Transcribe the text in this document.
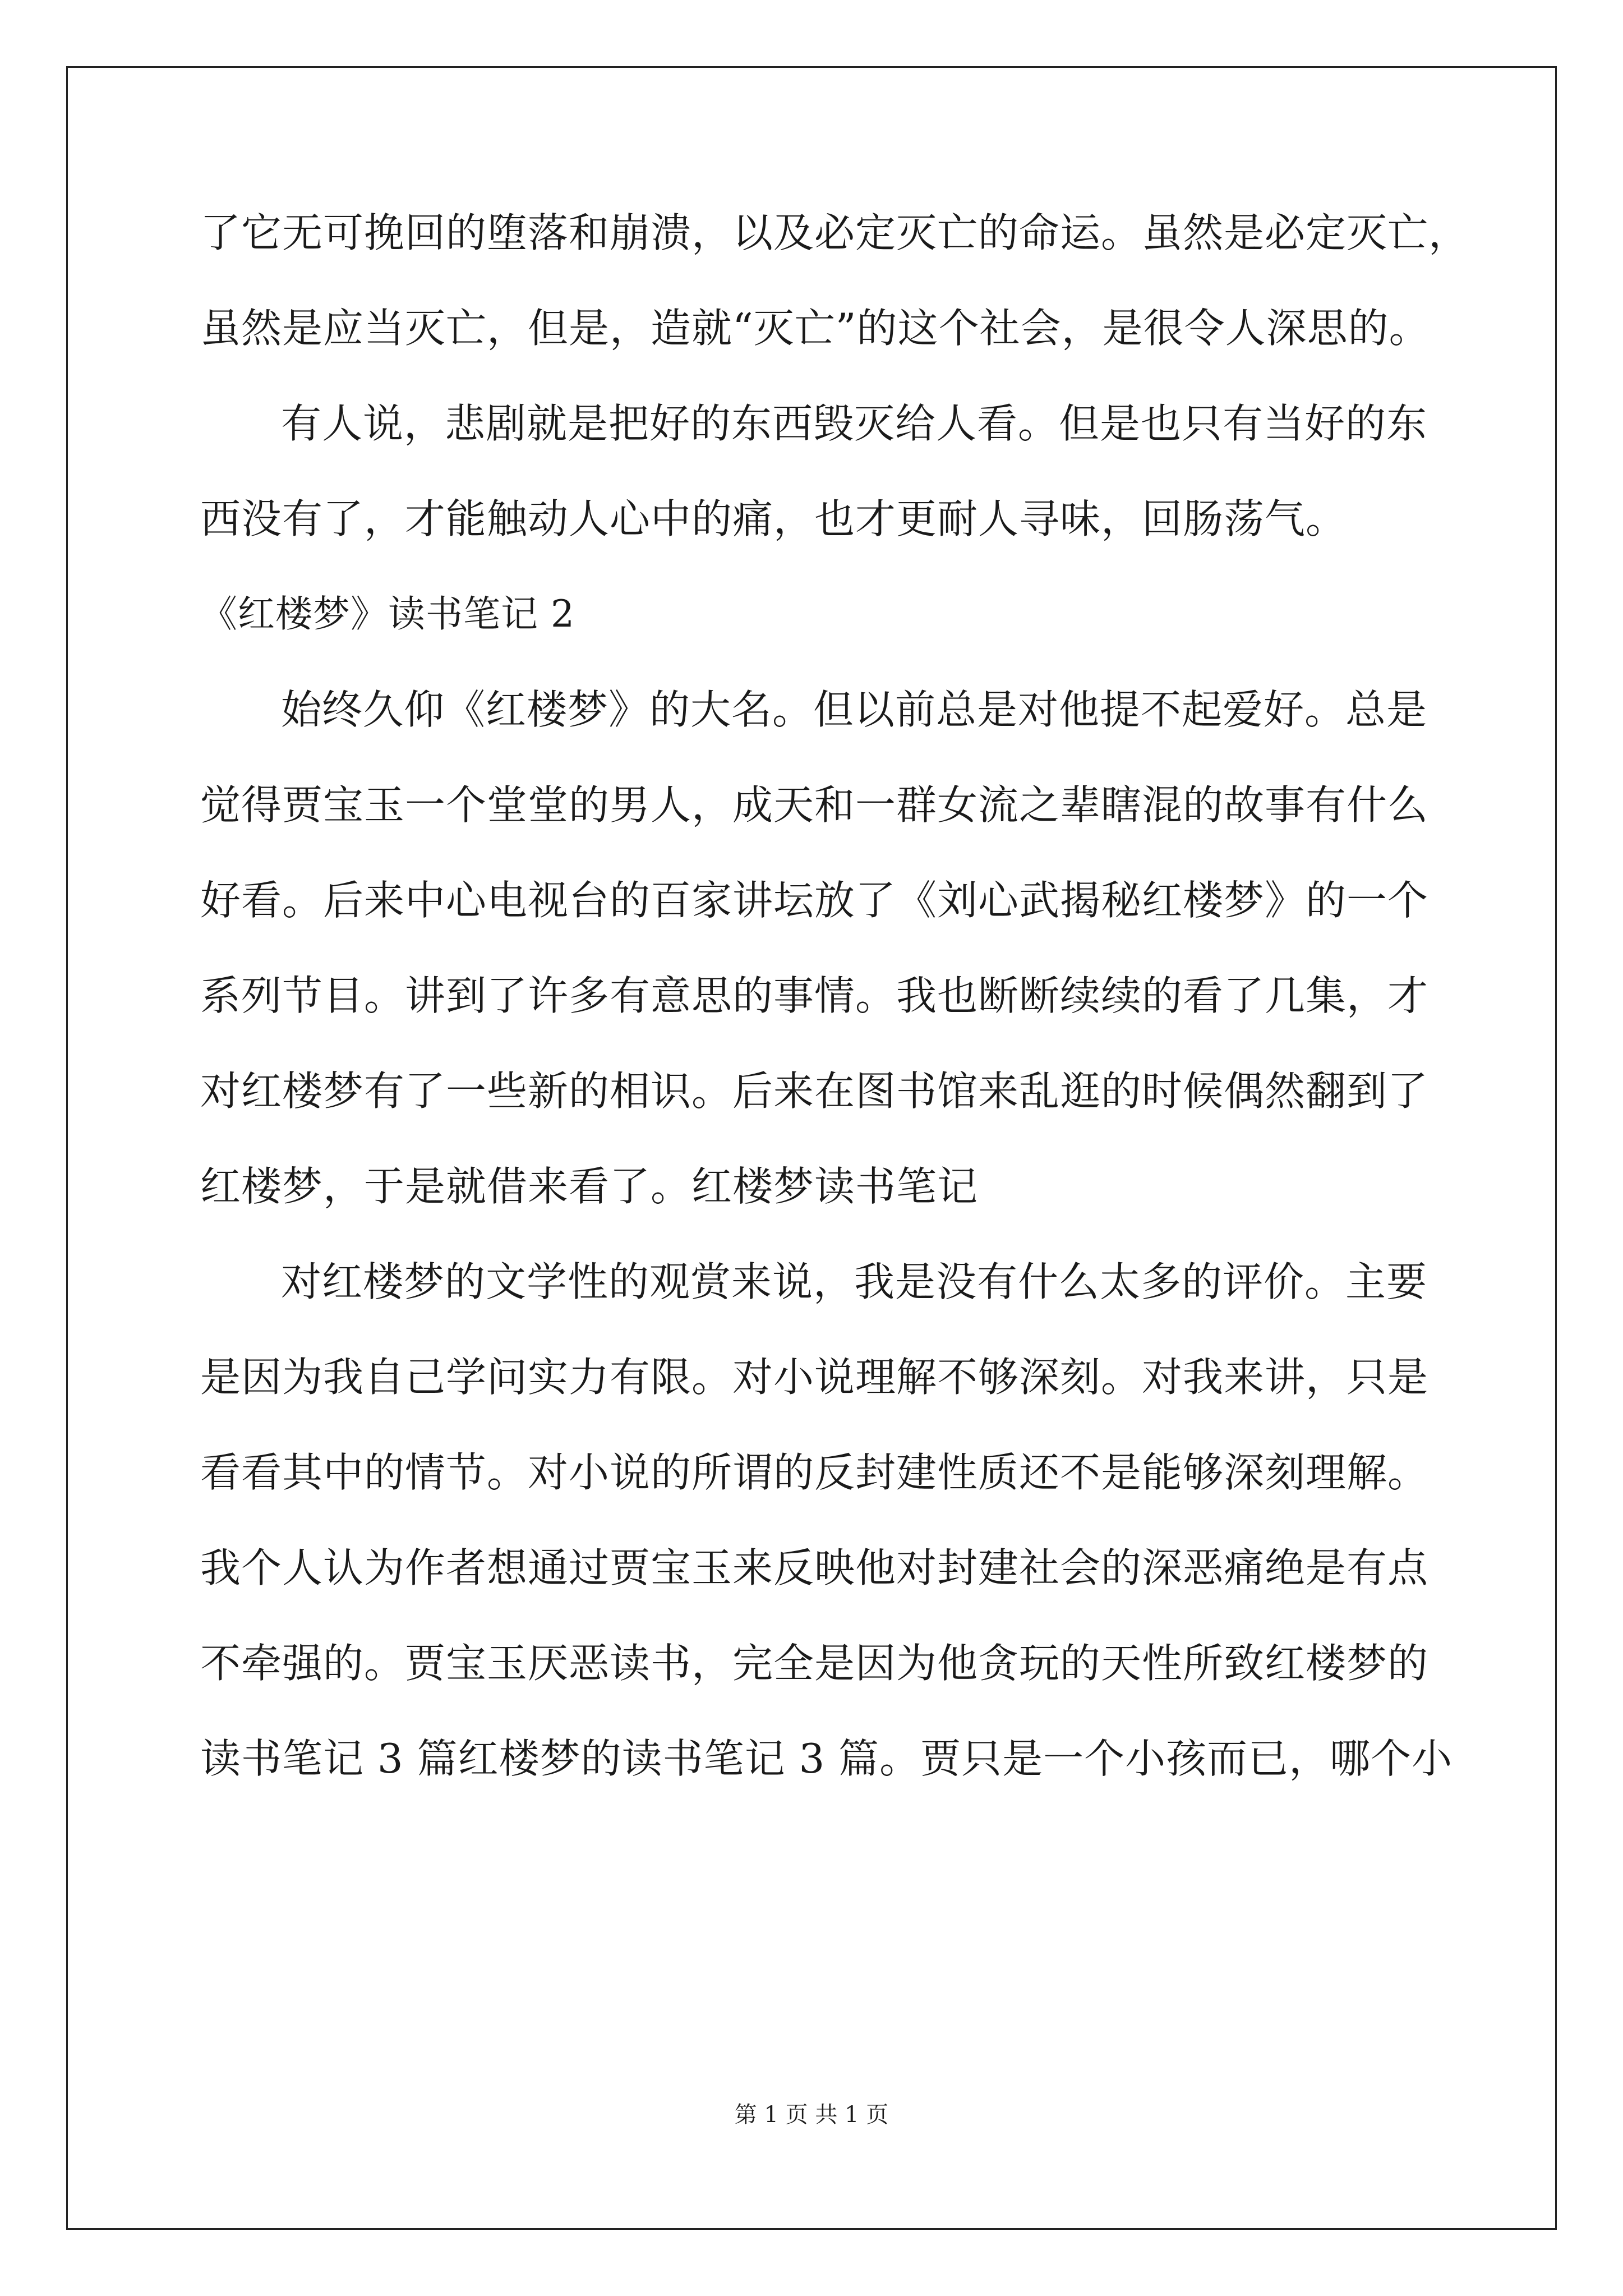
了它无可挽回的堕落和崩溃，以及必定灭亡的命运。虽然是必定灭亡，
虽然是应当灭亡，但是，造就“灭亡”的这个社会，是很令人深思的。
有人说，悲剧就是把好的东西毁灭给人看。但是也只有当好的东
西没有了，才能触动人心中的痛，也才更耐人寻味，回肠荡气。
《红楼梦》读书笔记 2
始终久仰《红楼梦》的大名。但以前总是对他提不起爱好。总是
觉得贾宝玉一个堂堂的男人，成天和一群女流之辈瞎混的故事有什么
好看。后来中心电视台的百家讲坛放了《刘心武揭秘红楼梦》的一个
系列节目。讲到了许多有意思的事情。我也断断续续的看了几集，才
对红楼梦有了一些新的相识。后来在图书馆来乱逛的时候偶然翻到了
红楼梦，于是就借来看了。红楼梦读书笔记
对红楼梦的文学性的观赏来说，我是没有什么太多的评价。主要
是因为我自己学问实力有限。对小说理解不够深刻。对我来讲，只是
看看其中的情节。对小说的所谓的反封建性质还不是能够深刻理解。
我个人认为作者想通过贾宝玉来反映他对封建社会的深恶痛绝是有点
不牵强的。贾宝玉厌恶读书，完全是因为他贪玩的天性所致红楼梦的
读书笔记 3 篇红楼梦的读书笔记 3 篇。贾只是一个小孩而已，哪个小
第 1 页 共 1 页
